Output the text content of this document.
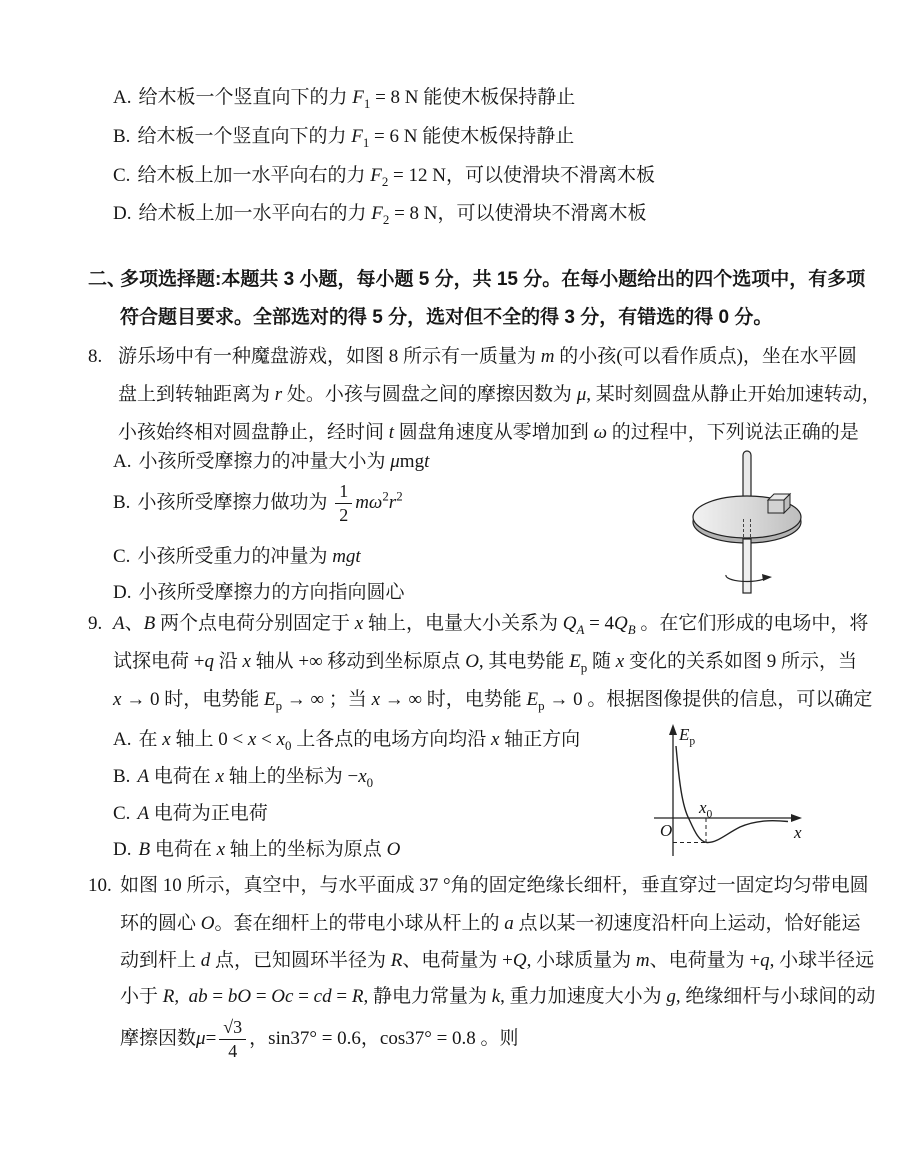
A. 给木板一个竖直向下的力 $F_1 = 8$ N 能使木板保持静止
B. 给木板一个竖直向下的力 $F_1 = 6$ N 能使木板保持静止
C. 给木板上加一水平向右的力 $F_2 = 12$ N，可以使滑块不滑离木板
D. 给术板上加一水平向右的力 $F_2 = 8$ N，可以使滑块不滑离木板
二、
多项选择题:本题共 3 小题，每小题 5 分，共 15 分。在每小题给出的四个选项中，有多项
符合题目要求。全部选对的得 5 分，选对但不全的得 3 分，有错选的得 0 分。
8. 游乐场中有一种魔盘游戏，如图 8 所示有一质量为 m 的小孩(可以看作质点)，坐在水平圆
盘上到转轴距离为 r 处。小孩与圆盘之间的摩擦因数为 μ, 某时刻圆盘从静止开始加速转动，
小孩始终相对圆盘静止，经时间 t 圆盘角速度从零增加到 ω 的过程中，下列说法正确的是
A. 小孩所受摩擦力的冲量大小为 μmgt
B. 小孩所受摩擦力做功为 $\frac{1}{2} m\omega^2r^2$
C. 小孩所受重力的冲量为 mgt
D. 小孩所受摩擦力的方向指向圆心
9. A、B 两个点电荷分别固定于 x 轴上，电量大小关系为 $Q_A = 4Q_B$ 。在它们形成的电场中，将
试探电荷 +q 沿 x 轴从 +∞ 移动到坐标原点 O, 其电势能 $E_p$ 随 x 变化的关系如图 9 所示，当
x → 0 时，电势能 $E_p$ → ∞ ；当 x → ∞ 时，电势能 $E_p \to 0$ 。根据图像提供的信息，可以确定
A. 在 x 轴上 $0 < x < x_0$ 上各点的电场方向均沿 x 轴正方向
B. A 电荷在 x 轴上的坐标为 $-x_0$
C. A 电荷为正电荷
D. B 电荷在 x 轴上的坐标为原点 O
$E_p$
x
O
$x_0$
10. 如图 10 所示，真空中，与水平面成 37 °角的固定绝缘长细杆，垂直穿过一固定均匀带电圆
环的圆心 O。套在细杆上的带电小球从杆上的 a 点以某一初速度沿杆向上运动，恰好能运
动到杆上 d 点，已知圆环半径为 R、电荷量为 +Q, 小球质量为 m、电荷量为 +q, 小球半径远
小于 R,  ab = bO = Oc = cd = R, 静电力常量为 k, 重力加速度大小为 g, 绝缘细杆与小球间的动
摩擦因数 μ =
√3
4
，sin37° = 0.6，cos37° = 0.8 。则
